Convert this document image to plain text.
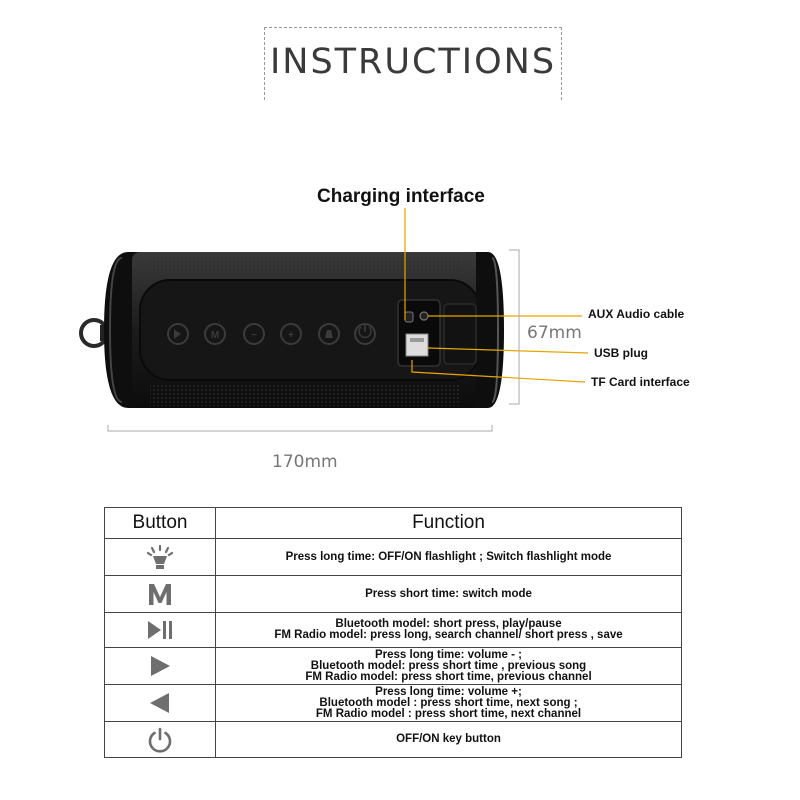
INSTRUCTIONS
Charging interface
M	−	+
AUX Audio cable
USB plug
TF Card interface
67mm
170mm
Button	Function

Press long time: OFF/ON flashlight ; Switch flashlight mode

Press short time: switch mode

Bluetooth model: short press, play/pause
FM Radio model: press long, search channel/ short press , save

Press long time: volume - ;
Bluetooth model: press short time , previous song
FM Radio model: press short time, previous channel

Press long time: volume +;
Bluetooth model : press short time, next song ;
FM Radio model : press short time, next channel

OFF/ON key button
